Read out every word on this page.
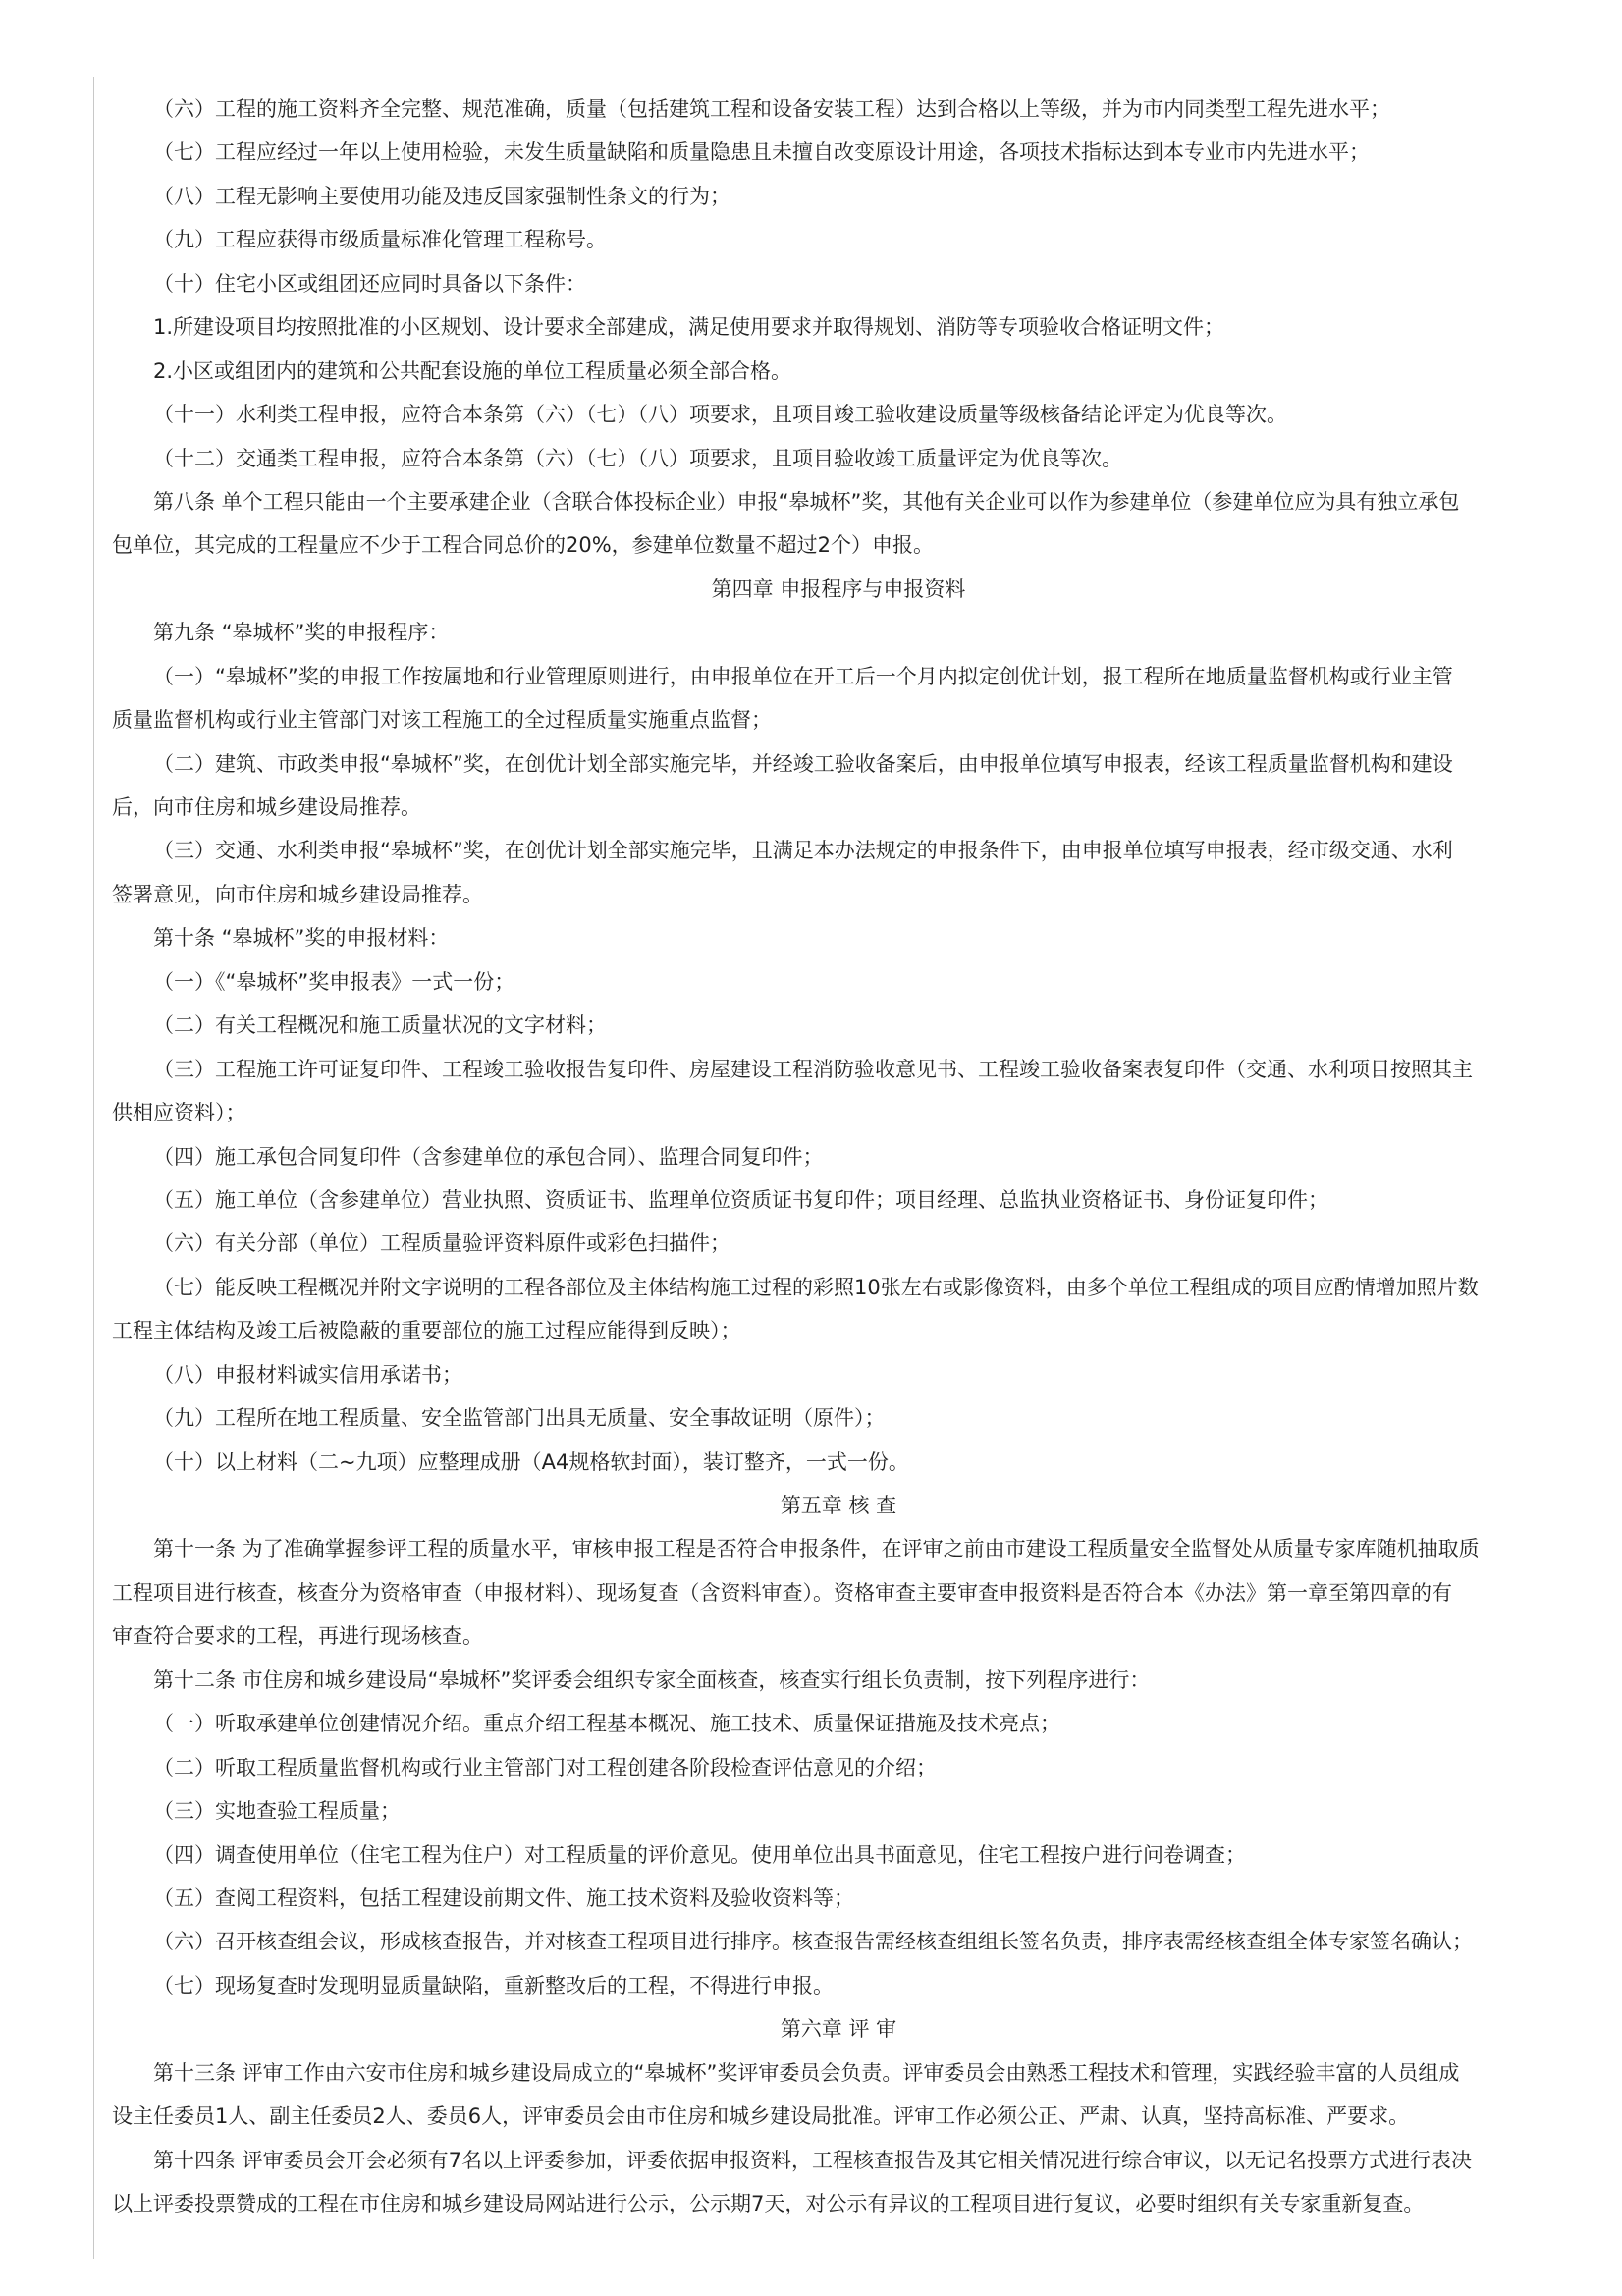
（六）工程的施工资料齐全完整、规范准确，质量（包括建筑工程和设备安装工程）达到合格以上等级，并为市内同类型工程先进水平；
（七）工程应经过一年以上使用检验，未发生质量缺陷和质量隐患且未擅自改变原设计用途，各项技术指标达到本专业市内先进水平；
（八）工程无影响主要使用功能及违反国家强制性条文的行为；
（九）工程应获得市级质量标准化管理工程称号。
（十）住宅小区或组团还应同时具备以下条件：
1.所建设项目均按照批准的小区规划、设计要求全部建成，满足使用要求并取得规划、消防等专项验收合格证明文件；
2.小区或组团内的建筑和公共配套设施的单位工程质量必须全部合格。
（十一）水利类工程申报，应符合本条第（六）（七）（八）项要求，且项目竣工验收建设质量等级核备结论评定为优良等次。
（十二）交通类工程申报，应符合本条第（六）（七）（八）项要求，且项目验收竣工质量评定为优良等次。
第八条 单个工程只能由一个主要承建企业（含联合体投标企业）申报“皋城杯”奖，其他有关企业可以作为参建单位（参建单位应为具有独立承包
包单位，其完成的工程量应不少于工程合同总价的20%，参建单位数量不超过2个）申报。
第四章 申报程序与申报资料
第九条 “皋城杯”奖的申报程序：
（一）“皋城杯”奖的申报工作按属地和行业管理原则进行，由申报单位在开工后一个月内拟定创优计划，报工程所在地质量监督机构或行业主管
质量监督机构或行业主管部门对该工程施工的全过程质量实施重点监督；
（二）建筑、市政类申报“皋城杯”奖，在创优计划全部实施完毕，并经竣工验收备案后，由申报单位填写申报表，经该工程质量监督机构和建设
后，向市住房和城乡建设局推荐。
（三）交通、水利类申报“皋城杯”奖，在创优计划全部实施完毕，且满足本办法规定的申报条件下，由申报单位填写申报表，经市级交通、水利
签署意见，向市住房和城乡建设局推荐。
第十条 “皋城杯”奖的申报材料：
（一）《“皋城杯”奖申报表》一式一份；
（二）有关工程概况和施工质量状况的文字材料；
（三）工程施工许可证复印件、工程竣工验收报告复印件、房屋建设工程消防验收意见书、工程竣工验收备案表复印件（交通、水利项目按照其主
供相应资料）；
（四）施工承包合同复印件（含参建单位的承包合同）、监理合同复印件；
（五）施工单位（含参建单位）营业执照、资质证书、监理单位资质证书复印件；项目经理、总监执业资格证书、身份证复印件；
（六）有关分部（单位）工程质量验评资料原件或彩色扫描件；
（七）能反映工程概况并附文字说明的工程各部位及主体结构施工过程的彩照10张左右或影像资料，由多个单位工程组成的项目应酌情增加照片数
工程主体结构及竣工后被隐蔽的重要部位的施工过程应能得到反映）；
（八）申报材料诚实信用承诺书；
（九）工程所在地工程质量、安全监管部门出具无质量、安全事故证明（原件）；
（十）以上材料（二~九项）应整理成册（A4规格软封面），装订整齐，一式一份。
第五章 核 查
第十一条 为了准确掌握参评工程的质量水平，审核申报工程是否符合申报条件，在评审之前由市建设工程质量安全监督处从质量专家库随机抽取质
工程项目进行核查，核查分为资格审查（申报材料）、现场复查（含资料审查）。资格审查主要审查申报资料是否符合本《办法》第一章至第四章的有
审查符合要求的工程，再进行现场核查。
第十二条 市住房和城乡建设局“皋城杯”奖评委会组织专家全面核查，核查实行组长负责制，按下列程序进行：
（一）听取承建单位创建情况介绍。重点介绍工程基本概况、施工技术、质量保证措施及技术亮点；
（二）听取工程质量监督机构或行业主管部门对工程创建各阶段检查评估意见的介绍；
（三）实地查验工程质量；
（四）调查使用单位（住宅工程为住户）对工程质量的评价意见。使用单位出具书面意见，住宅工程按户进行问卷调查；
（五）查阅工程资料，包括工程建设前期文件、施工技术资料及验收资料等；
（六）召开核查组会议，形成核查报告，并对核查工程项目进行排序。核查报告需经核查组组长签名负责，排序表需经核查组全体专家签名确认；
（七）现场复查时发现明显质量缺陷，重新整改后的工程，不得进行申报。
第六章 评 审
第十三条 评审工作由六安市住房和城乡建设局成立的“皋城杯”奖评审委员会负责。评审委员会由熟悉工程技术和管理，实践经验丰富的人员组成
设主任委员1人、副主任委员2人、委员6人，评审委员会由市住房和城乡建设局批准。评审工作必须公正、严肃、认真，坚持高标准、严要求。
第十四条 评审委员会开会必须有7名以上评委参加，评委依据申报资料，工程核查报告及其它相关情况进行综合审议，以无记名投票方式进行表决
以上评委投票赞成的工程在市住房和城乡建设局网站进行公示，公示期7天，对公示有异议的工程项目进行复议，必要时组织有关专家重新复查。
